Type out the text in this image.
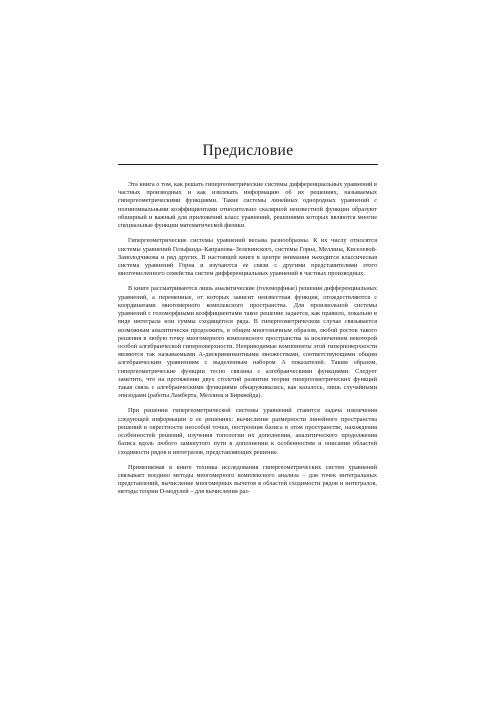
Предисловие

Эта книга о том, как решать гипергеометрические системы дифференциальных уравнений в частных производных и как извлекать информацию об их решениях, называемых гипергеометрическими функциями. Такие системы линейных однородных уравнений с полиномиальными коэффициентами относительно скалярной неизвестной функции образуют обширный и важный для приложений класс уравнений, решениями которых являются многие специальные функции математической физики.

Гипергеометрические системы уравнений весьма разнообразны. К их числу относятся системы уравнений Гельфанда–Капранова–Зелевинского, системы Горна, Меллина, Киселевой-Замолодчикова и ряд других. В настоящей книге в центре внимания находится классическая система уравнений Горна и изучаются ее связи с другими представителями этого многочисленного семейства систем дифференциальных уравнений в частных производных.

В книге рассматриваются лишь аналитические (голоморфные) решения дифференциальных уравнений, а переменные, от которых зависит неизвестная функция, отождествляются с координатами многомерного комплексного пространства. Для произвольной системы уравнений с голоморфными коэффициентами такое решение задается, как правило, локально в виде интеграла или суммы сходящегося ряда. В гипергеометрическом случае связывается возможным аналитически продолжить, в общем многозначным образом, любой росток такого решения в любую точку многомерного комплексного пространства за исключением некоторой особой алгебраической гиперповерхности. Неприводимые компоненты этой гиперповерхности являются так называемыми A-дискриминантными множествами, соответствующими общим алгебраическим уравнениям с выделенным набором A показателей. Таким образом, гипергеометрические функции тесно связаны с алгебраическими функциями. Следует заметить, что на протяжении двух столетий развития теории гипергеометрических функций такая связь с алгебраическими функциями обнаруживалась, как казалось, лишь случайными эпизодами (работы Ламберта, Меллина и Бирквейда).

При решении гипергеометрической системы уравнений ставится задача извлечения следующей информации о ее решениях: вычисление размерности линейного пространства решений в окрестности неособой точки, построения базиса в этом пространстве, нахождения особенностей решений, изучения топологии их дополнения, аналитического продолжения базиса вдоль любого замкнутого пути в дополнении к особенностям и описания областей сходимости рядов и интегралов, представляющих решение.

Применяемая в книге техника исследования гипергеометрических систем уравнений связывает воедино методы многомерного комплексного анализа – для точек интегральных представлений, вычисление многомерных вычетов в областей сходимости рядов и интегралов, методы теории D-модулей – для вычисления раз-
